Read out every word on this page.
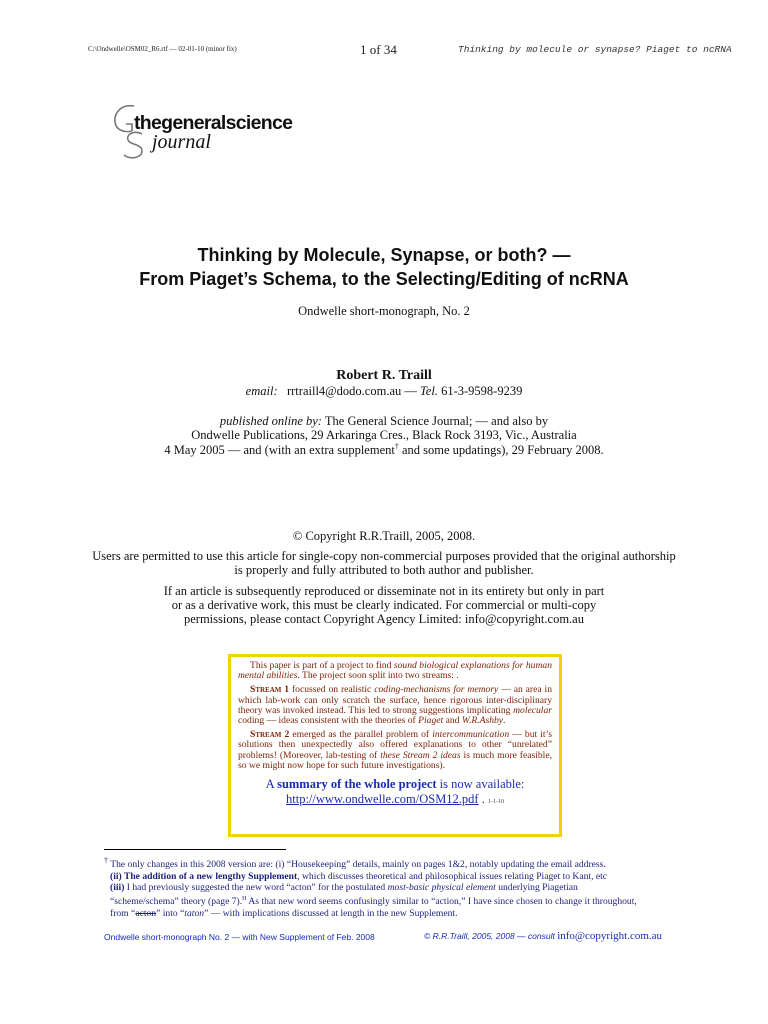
C:\Ondwelle\OSM02_R6.rtf — 02-01-10 (minor fix)	1 of 34	Thinking by molecule or synapse? Piaget to ncRNA
thegeneralscience
journal
Thinking by Molecule, Synapse, or both? —
From Piaget’s Schema, to the Selecting/Editing of ncRNA
Ondwelle short-monograph, No. 2
Robert R. Traill
email: rrtraill4@dodo.com.au — Tel. 61-3-9598-9239
published online by: The General Science Journal; — and also by
Ondwelle Publications, 29 Arkaringa Cres., Black Rock 3193, Vic., Australia
4 May 2005 — and (with an extra supplement† and some updatings), 29 February 2008.
© Copyright R.R.Traill, 2005, 2008.
Users are permitted to use this article for single-copy non-commercial purposes provided that the original authorship
is properly and fully attributed to both author and publisher.
If an article is subsequently reproduced or disseminate not in its entirety but only in part
or as a derivative work, this must be clearly indicated. For commercial or multi-copy
permissions, please contact Copyright Agency Limited: info@copyright.com.au

This paper is part of a project to find sound biological explanations for human mental abilities. The project soon split into two streams: .

Stream 1 focussed on realistic coding-mechanisms for memory — an area in which lab-work can only scratch the surface, hence rigorous inter-disciplinary theory was invoked instead. This led to strong suggestions implicating molecular coding — ideas consistent with the theories of Piaget and W.R.Ashby.

Stream 2 emerged as the parallel problem of intercommunication — but it’s solutions then unexpectedly also offered explanations to other “unrelated” problems! (Moreover, lab-testing of these Stream 2 ideas is much more feasible, so we might now hope for such future investigations).

A summary of the whole project is now available:
http://www.ondwelle.com/OSM12.pdf . 1-1-10

† The only changes in this 2008 version are: (i) “Housekeeping” details, mainly on pages 1&2, notably updating the email address.
(ii) The addition of a new lengthy Supplement, which discusses theoretical and philosophical issues relating Piaget to Kant, etc
(iii) I had previously suggested the new word “acton” for the postulated most-basic physical element underlying Piagetian
“scheme/schema” theory (page 7).$^H$ As that new word seems confusingly similar to “action,” I have since chosen to change it throughout,
from “acton” into “taton” — with implications discussed at length in the new Supplement.
Ondwelle short-monograph No. 2 — with New Supplement of Feb. 2008	© R.R.Traill, 2005, 2008 — consult info@copyright.com.au
